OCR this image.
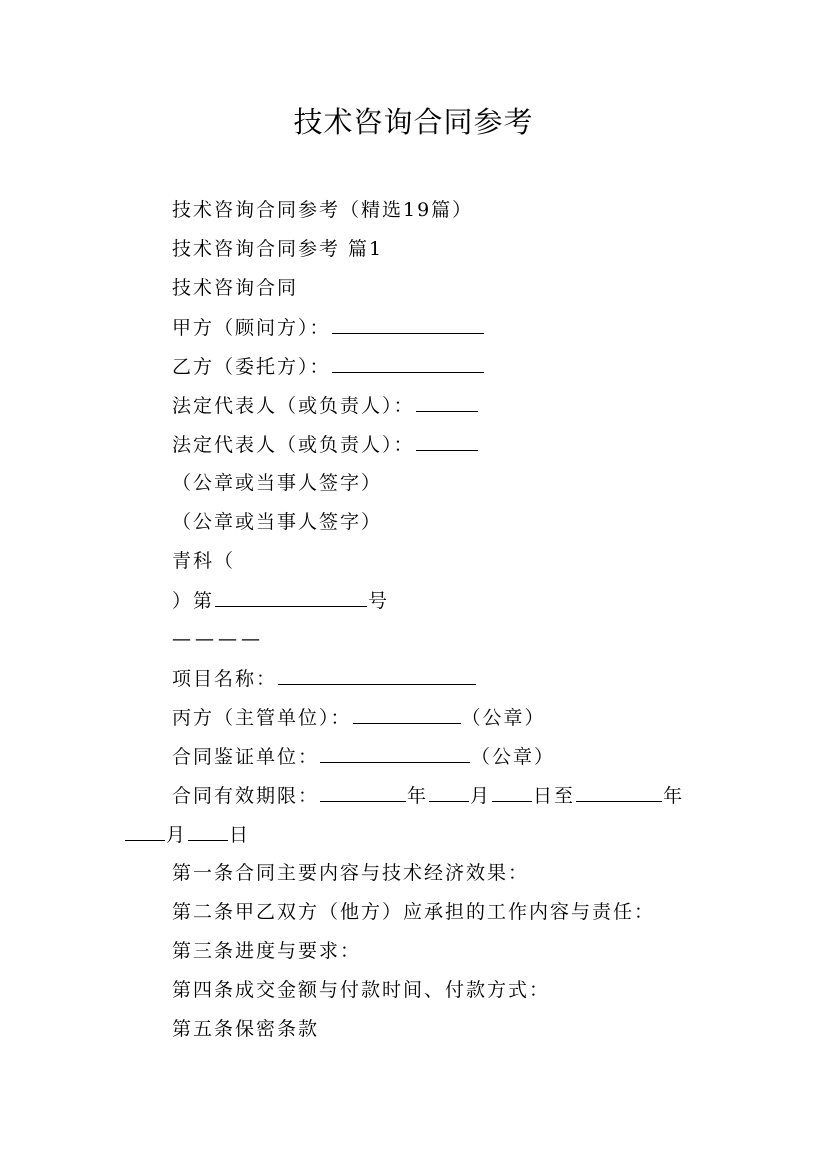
技术咨询合同参考
技术咨询合同参考（精选19篇）
技术咨询合同参考 篇1
技术咨询合同
甲方（顾问方）：
乙方（委托方）：
法定代表人（或负责人）：
法定代表人（或负责人）：
（公章或当事人签字）
（公章或当事人签字）
青科（
）第	号
————
项目名称：
丙方（主管单位）：	（公章）
合同鉴证单位：	（公章）
合同有效期限：	年 月 日至	年
月 日
第一条合同主要内容与技术经济效果：
第二条甲乙双方（他方）应承担的工作内容与责任：
第三条进度与要求：
第四条成交金额与付款时间、付款方式：
第五条保密条款
